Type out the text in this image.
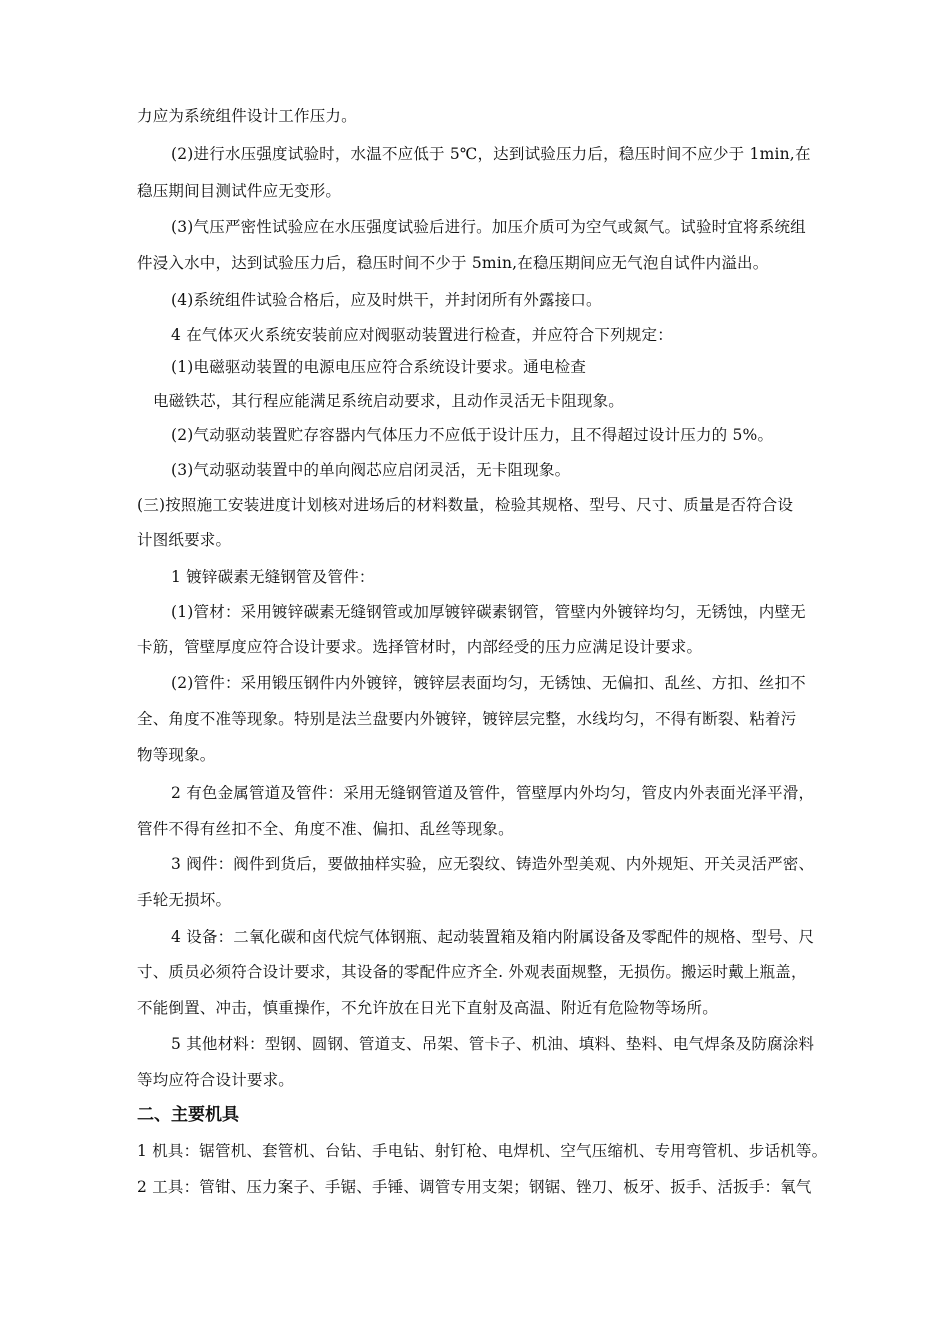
力应为系统组件设计工作压力。
(2)进行水压强度试验时，水温不应低于 5℃，达到试验压力后，稳压时间不应少于 1min,在
稳压期间目测试件应无变形。
(3)气压严密性试验应在水压强度试验后进行。加压介质可为空气或氮气。试验时宜将系统组
件浸入水中，达到试验压力后，稳压时间不少于 5min,在稳压期间应无气泡自试件内溢出。
(4)系统组件试验合格后，应及时烘干，并封闭所有外露接口。
4 在气体灭火系统安装前应对阀驱动装置进行检查，并应符合下列规定：
(1)电磁驱动装置的电源电压应符合系统设计要求。通电检查
电磁铁芯，其行程应能满足系统启动要求，且动作灵活无卡阻现象。
(2)气动驱动装置贮存容器内气体压力不应低于设计压力，且不得超过设计压力的 5%。
(3)气动驱动装置中的单向阀芯应启闭灵活，无卡阻现象。
(三)按照施工安装进度计划核对进场后的材料数量，检验其规格、型号、尺寸、质量是否符合设
计图纸要求。
1 镀锌碳素无缝钢管及管件：
(1)管材：采用镀锌碳素无缝钢管或加厚镀锌碳素钢管，管壁内外镀锌均匀，无锈蚀，内壁无
卡筋，管壁厚度应符合设计要求。选择管材时，内部经受的压力应满足设计要求。
(2)管件：采用锻压钢件内外镀锌，镀锌层表面均匀，无锈蚀、无偏扣、乱丝、方扣、丝扣不
全、角度不准等现象。特别是法兰盘要内外镀锌，镀锌层完整，水线均匀，不得有断裂、粘着污
物等现象。
2 有色金属管道及管件：采用无缝钢管道及管件，管壁厚内外均匀，管皮内外表面光泽平滑，
管件不得有丝扣不全、角度不准、偏扣、乱丝等现象。
3 阀件：阀件到货后，要做抽样实验，应无裂纹、铸造外型美观、内外规矩、开关灵活严密、
手轮无损坏。
4 设备：二氧化碳和卤代烷气体钢瓶、起动装置箱及箱内附属设备及零配件的规格、型号、尺
寸、质员必须符合设计要求，其设备的零配件应齐全. 外观表面规整，无损伤。搬运时戴上瓶盖，
不能倒置、冲击，慎重操作，不允许放在日光下直射及高温、附近有危险物等场所。
5 其他材料：型钢、圆钢、管道支、吊架、管卡子、机油、填料、垫料、电气焊条及防腐涂料
等均应符合设计要求。
二、主要机具
1 机具：锯管机、套管机、台钻、手电钻、射钉枪、电焊机、空气压缩机、专用弯管机、步话机等。
2 工具：管钳、压力案子、手锯、手锤、调管专用支架；钢锯、锉刀、板牙、扳手、活扳手：氧气
